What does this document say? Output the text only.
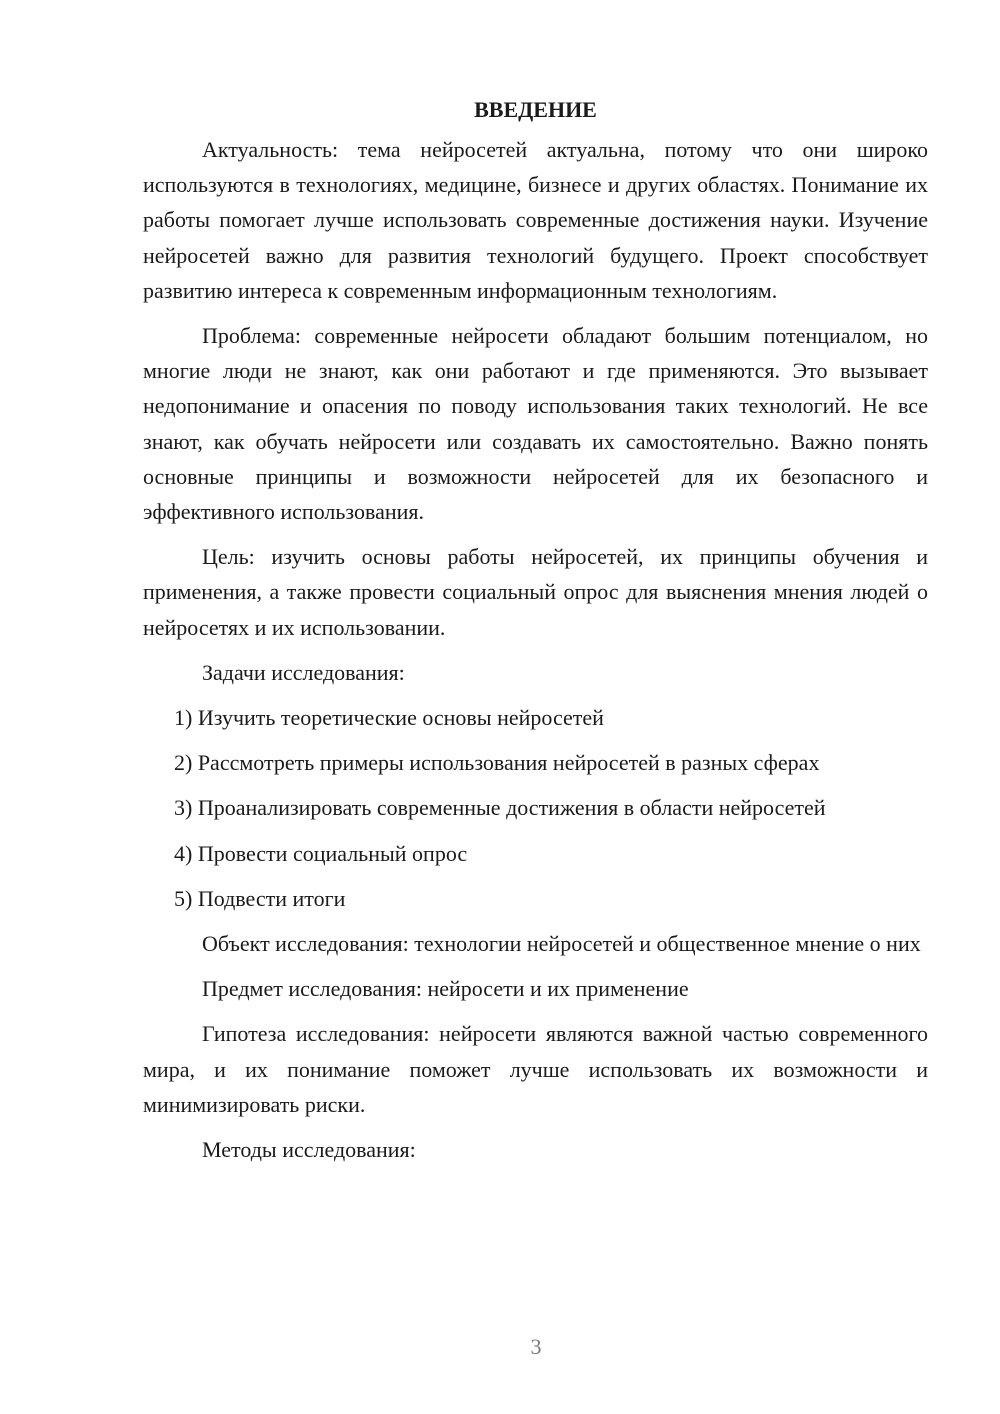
ВВЕДЕНИЕ

Актуальность: тема нейросетей актуальна, потому что они широко используются в технологиях, медицине, бизнесе и других областях. Понимание их работы помогает лучше использовать современные достижения науки. Изучение нейросетей важно для развития технологий будущего. Проект способствует развитию интереса к современным информационным технологиям.

Проблема: современные нейросети обладают большим потенциалом, но многие люди не знают, как они работают и где применяются. Это вызывает недопонимание и опасения по поводу использования таких технологий. Не все знают, как обучать нейросети или создавать их самостоятельно. Важно понять основные принципы и возможности нейросетей для их безопасного и эффективного использования.

Цель: изучить основы работы нейросетей, их принципы обучения и применения, а также провести социальный опрос для выяснения мнения людей о нейросетях и их использовании.

Задачи исследования:

1) Изучить теоретические основы нейросетей
2) Рассмотреть примеры использования нейросетей в разных сферах
3) Проанализировать современные достижения в области нейросетей
4) Провести социальный опрос
5) Подвести итоги

Объект исследования: технологии нейросетей и общественное мнение о них

Предмет исследования: нейросети и их применение

Гипотеза исследования: нейросети являются важной частью современного мира, и их понимание поможет лучше использовать их возможности и минимизировать риски.

Методы исследования:

3
